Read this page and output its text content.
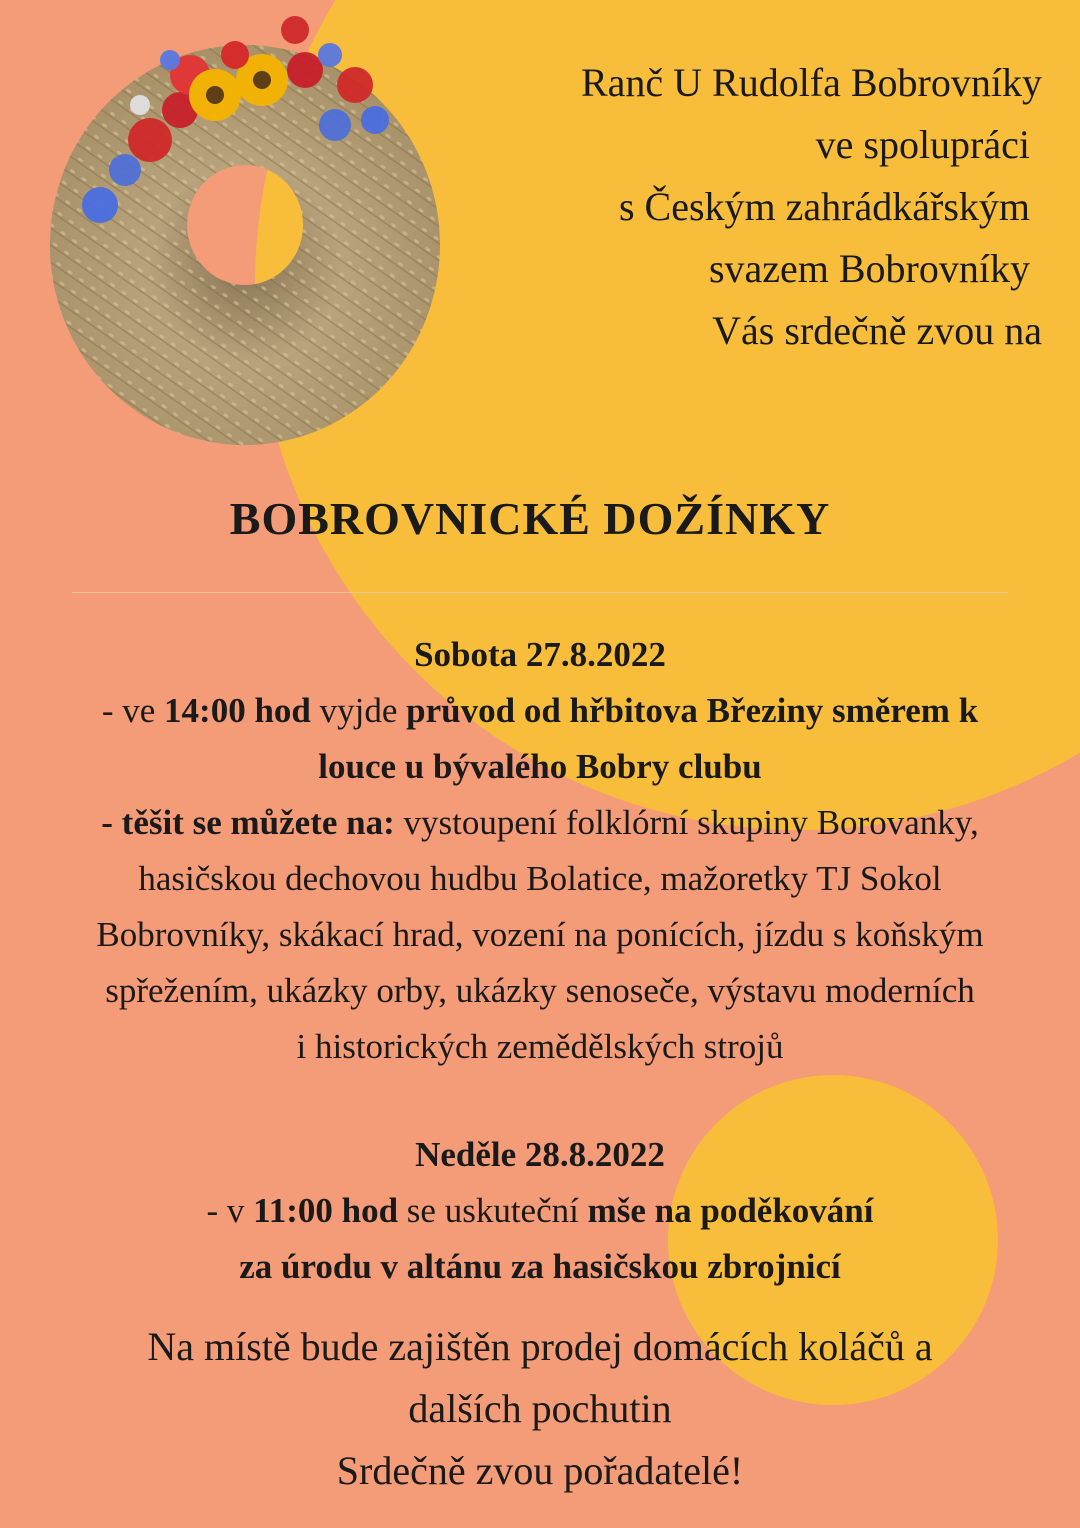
Ranč U Rudolfa Bobrovníky
ve spolupráci
s Českým zahrádkářským
svazem Bobrovníky
Vás srdečně zvou na
BOBROVNICKÉ DOŽÍNKY
Sobota 27.8.2022
- ve 14:00 hod vyjde průvod od hřbitova Březiny směrem k
louce u bývalého Bobry clubu
- těšit se můžete na: vystoupení folklórní skupiny Borovanky,
hasičskou dechovou hudbu Bolatice, mažoretky TJ Sokol
Bobrovníky, skákací hrad, vození na ponících, jízdu s koňským
spřežením, ukázky orby, ukázky senoseče, výstavu moderních
i historických zemědělských strojů
Neděle 28.8.2022
- v 11:00 hod se uskuteční mše na poděkování
za úrodu v altánu za hasičskou zbrojnicí
Na místě bude zajištěn prodej domácích koláčů a
dalších pochutin
Srdečně zvou pořadatelé!
